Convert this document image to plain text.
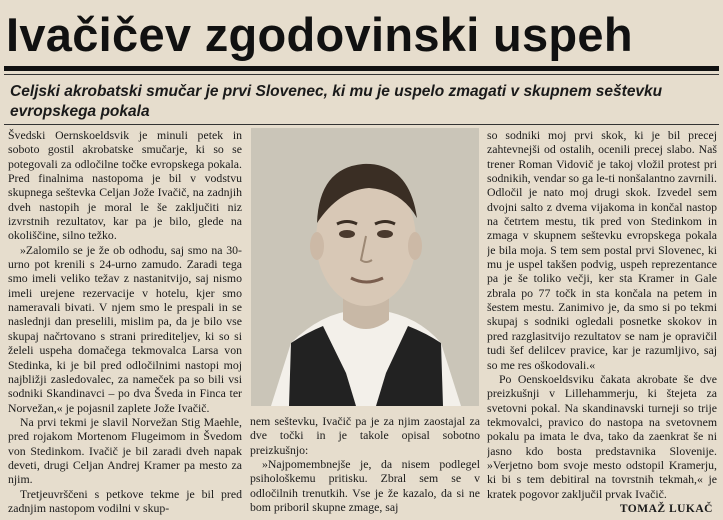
Ivačičev zgodovinski uspeh
Celjski akrobatski smučar je prvi Slovenec, ki mu je uspelo zmagati v skupnem seštevku evropskega pokala

Švedski Oernskoeldsvik je minuli petek in soboto gostil akrobatske smučarje, ki so se potegovali za odločilne točke evropskega pokala. Pred finalnima nastopoma je bil v vodstvu skupnega seštevka Celjan Jože Ivačič, na zadnjih dveh nastopih je moral le še zaključiti niz izvrstnih rezultatov, kar pa je bilo, glede na okoliščine, silno težko.

»Zalomilo se je že ob odhodu, saj smo na 30-urno pot krenili s 24-urno zamudo. Zaradi tega smo imeli veliko težav z nastanitvijo, saj nismo imeli urejene rezervacije v hotelu, kjer smo nameravali bivati. V njem smo le prespali in se naslednji dan preselili, mislim pa, da je bilo vse skupaj načrtovano s strani prirediteljev, ki so si želeli uspeha domačega tekmovalca Larsa von Stedinka, ki je bil pred odločilnimi nastopi moj najbližji zasledovalec, za nameček pa so bili vsi sodniki Skandinavci – po dva Šveda in Finca ter Norvežan,« je pojasnil zaplete Jože Ivačič.

Na prvi tekmi je slavil Norvežan Stig Maehle, pred rojakom Mortenom Flugeimom in Švedom von Stedinkom. Ivačič je bil zaradi dveh napak deveti, drugi Celjan Andrej Kramer pa mesto za njim.

Tretjeuvrščeni s petkove tekme je bil pred zadnjim nastopom vodilni v skup-

nem seštevku, Ivačič pa je za njim zaostajal za dve točki in je takole opisal sobotno preizkušnjo:

»Najpomembnejše je, da nisem podlegel psihološkemu pritisku. Zbral sem se v odločilnih trenutkih. Vse je že kazalo, da si ne bom priboril skupne zmage, saj

so sodniki moj prvi skok, ki je bil precej zahtevnejši od ostalih, ocenili precej slabo. Naš trener Roman Vidovič je takoj vložil protest pri sodnikih, vendar so ga le-ti nonšalantno zavrnili. Odločil je nato moj drugi skok. Izvedel sem dvojni salto z dvema vijakoma in končal nastop na četrtem mestu, tik pred von Stedinkom in zmaga v skupnem seštevku evropskega pokala je bila moja. S tem sem postal prvi Slovenec, ki mu je uspel takšen podvig, uspeh reprezentance pa je še toliko večji, ker sta Kramer in Gale zbrala po 77 točk in sta končala na petem in šestem mestu. Zanimivo je, da smo si po tekmi skupaj s sodniki ogledali posnetke skokov in pred razglasitvijo rezultatov se nam je opravičil tudi šef delilcev pravice, kar je razumljivo, saj so me res oškodovali.«

Po Oenskoeldsviku čakata akrobate še dve preizkušnji v Lillehammerju, ki štejeta za svetovni pokal. Na skandinavski turneji so trije tekmovalci, pravico do nastopa na svetovnem pokalu pa imata le dva, tako da zaenkrat še ni jasno kdo bosta predstavnika Slovenije. »Verjetno bom svoje mesto odstopil Kramerju, ki bi s tem debitiral na tovrstnih tekmah,« je kratek pogovor zaključil prvak Ivačič.

TOMAŽ LUKAČ
